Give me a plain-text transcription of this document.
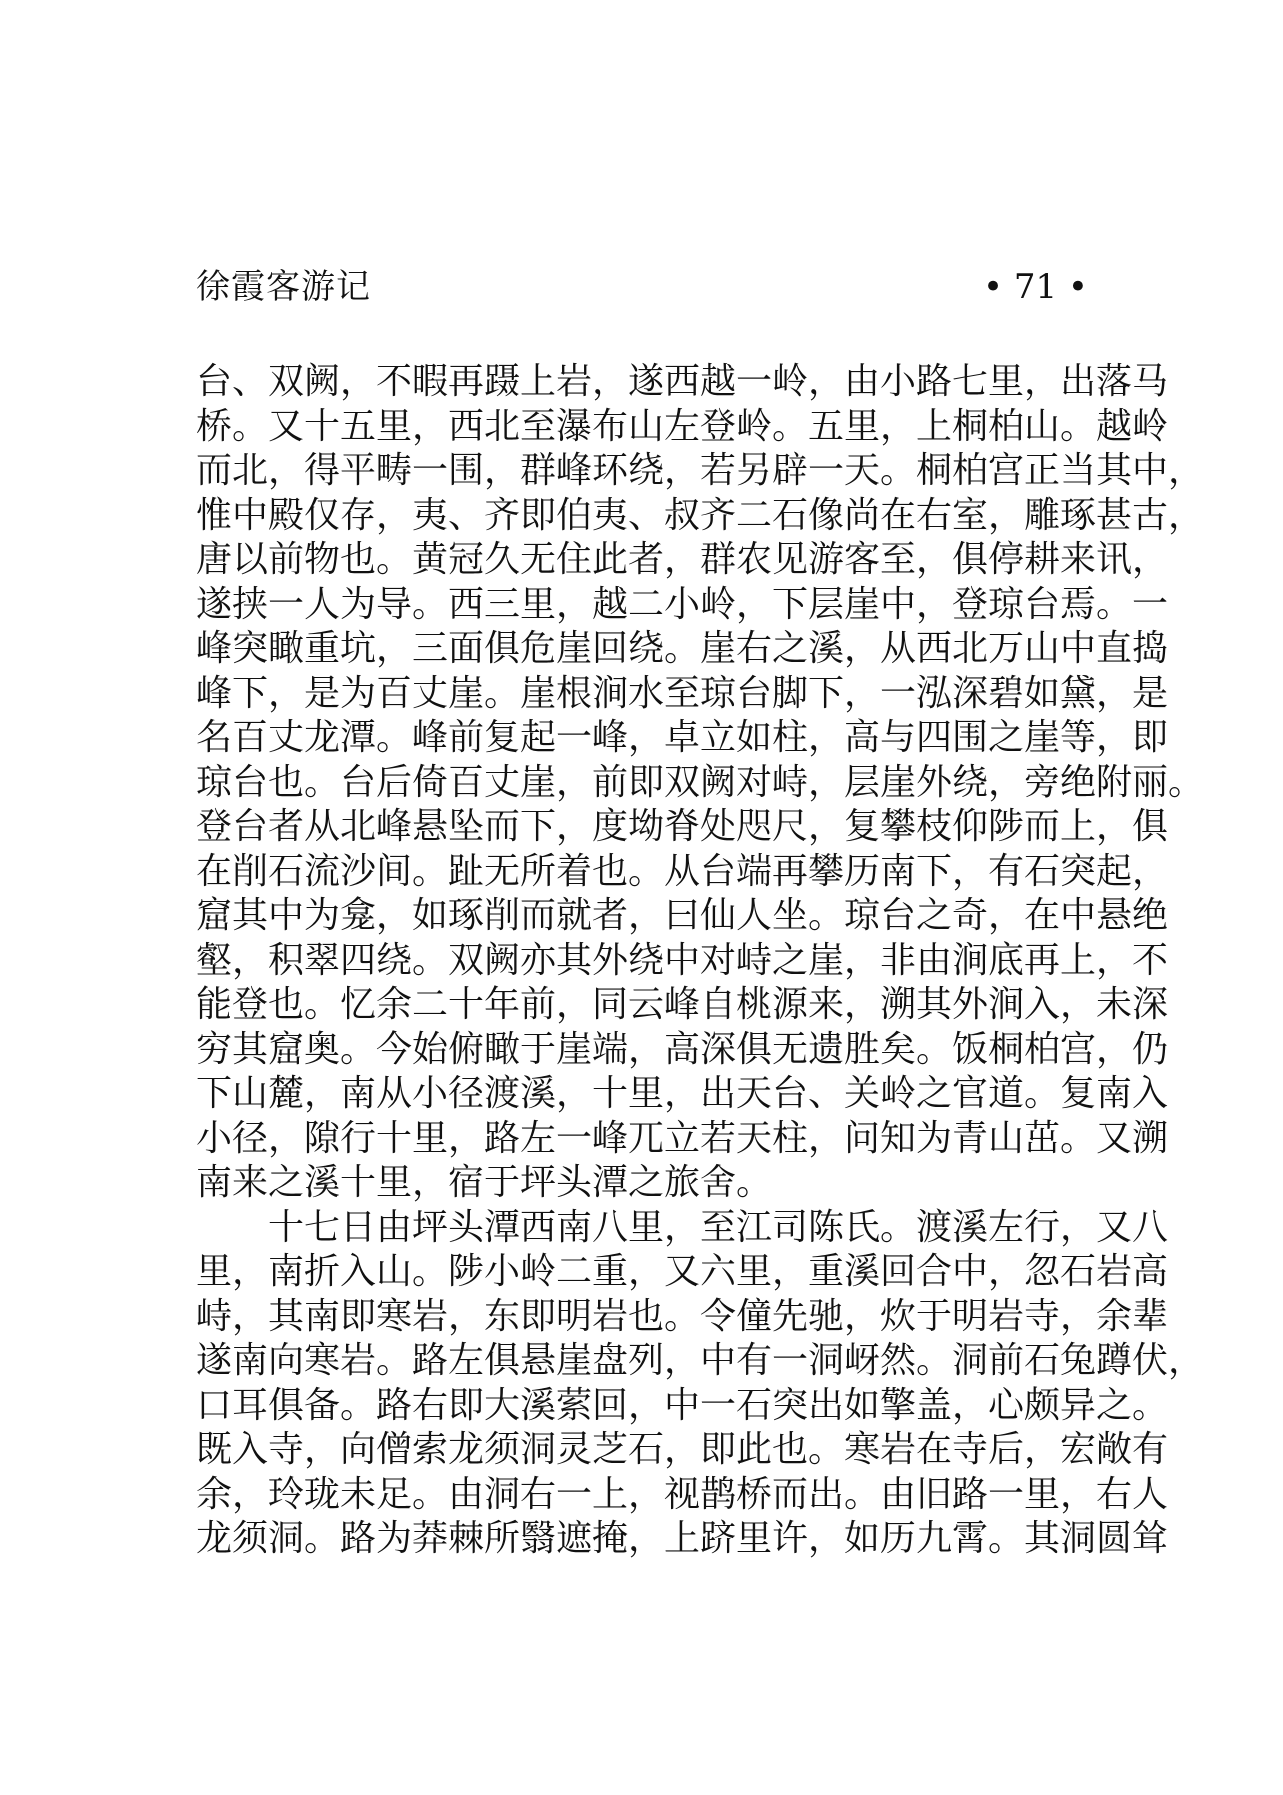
徐霞客游记	• 71 •
台、双阙，不暇再蹑上岩，遂西越一岭，由小路七里，出落马
桥。又十五里，西北至瀑布山左登岭。五里，上桐柏山。越岭
而北，得平畴一围，群峰环绕，若另辟一天。桐柏宫正当其中，
惟中殿仅存，夷、齐即伯夷、叔齐二石像尚在右室，雕琢甚古，
唐以前物也。黄冠久无住此者，群农见游客至，俱停耕来讯，
遂挟一人为导。西三里，越二小岭，下层崖中，登琼台焉。一
峰突瞰重坑，三面俱危崖回绕。崖右之溪，从西北万山中直捣
峰下，是为百丈崖。崖根涧水至琼台脚下，一泓深碧如黛，是
名百丈龙潭。峰前复起一峰，卓立如柱，高与四围之崖等，即
琼台也。台后倚百丈崖，前即双阙对峙，层崖外绕，旁绝附丽。
登台者从北峰悬坠而下，度坳脊处咫尺，复攀枝仰陟而上，俱
在削石流沙间。趾无所着也。从台端再攀历南下，有石突起，
窟其中为龛，如琢削而就者，曰仙人坐。琼台之奇，在中悬绝
壑，积翠四绕。双阙亦其外绕中对峙之崖，非由涧底再上，不
能登也。忆余二十年前，同云峰自桃源来，溯其外涧入，未深
穷其窟奥。今始俯瞰于崖端，高深俱无遗胜矣。饭桐柏宫，仍
下山麓，南从小径渡溪，十里，出天台、关岭之官道。复南入
小径，隙行十里，路左一峰兀立若天柱，问知为青山茁。又溯
南来之溪十里，宿于坪头潭之旅舍。
十七日由坪头潭西南八里，至江司陈氏。渡溪左行，又八
里，南折入山。陟小岭二重，又六里，重溪回合中，忽石岩高
峙，其南即寒岩，东即明岩也。令僮先驰，炊于明岩寺，余辈
遂南向寒岩。路左俱悬崖盘列，中有一洞岈然。洞前石兔蹲伏，
口耳俱备。路右即大溪萦回，中一石突出如擎盖，心颇异之。
既入寺，向僧索龙须洞灵芝石，即此也。寒岩在寺后，宏敞有
余，玲珑未足。由洞右一上，视鹊桥而出。由旧路一里，右人
龙须洞。路为莽棘所翳遮掩，上跻里许，如历九霄。其洞圆耸
